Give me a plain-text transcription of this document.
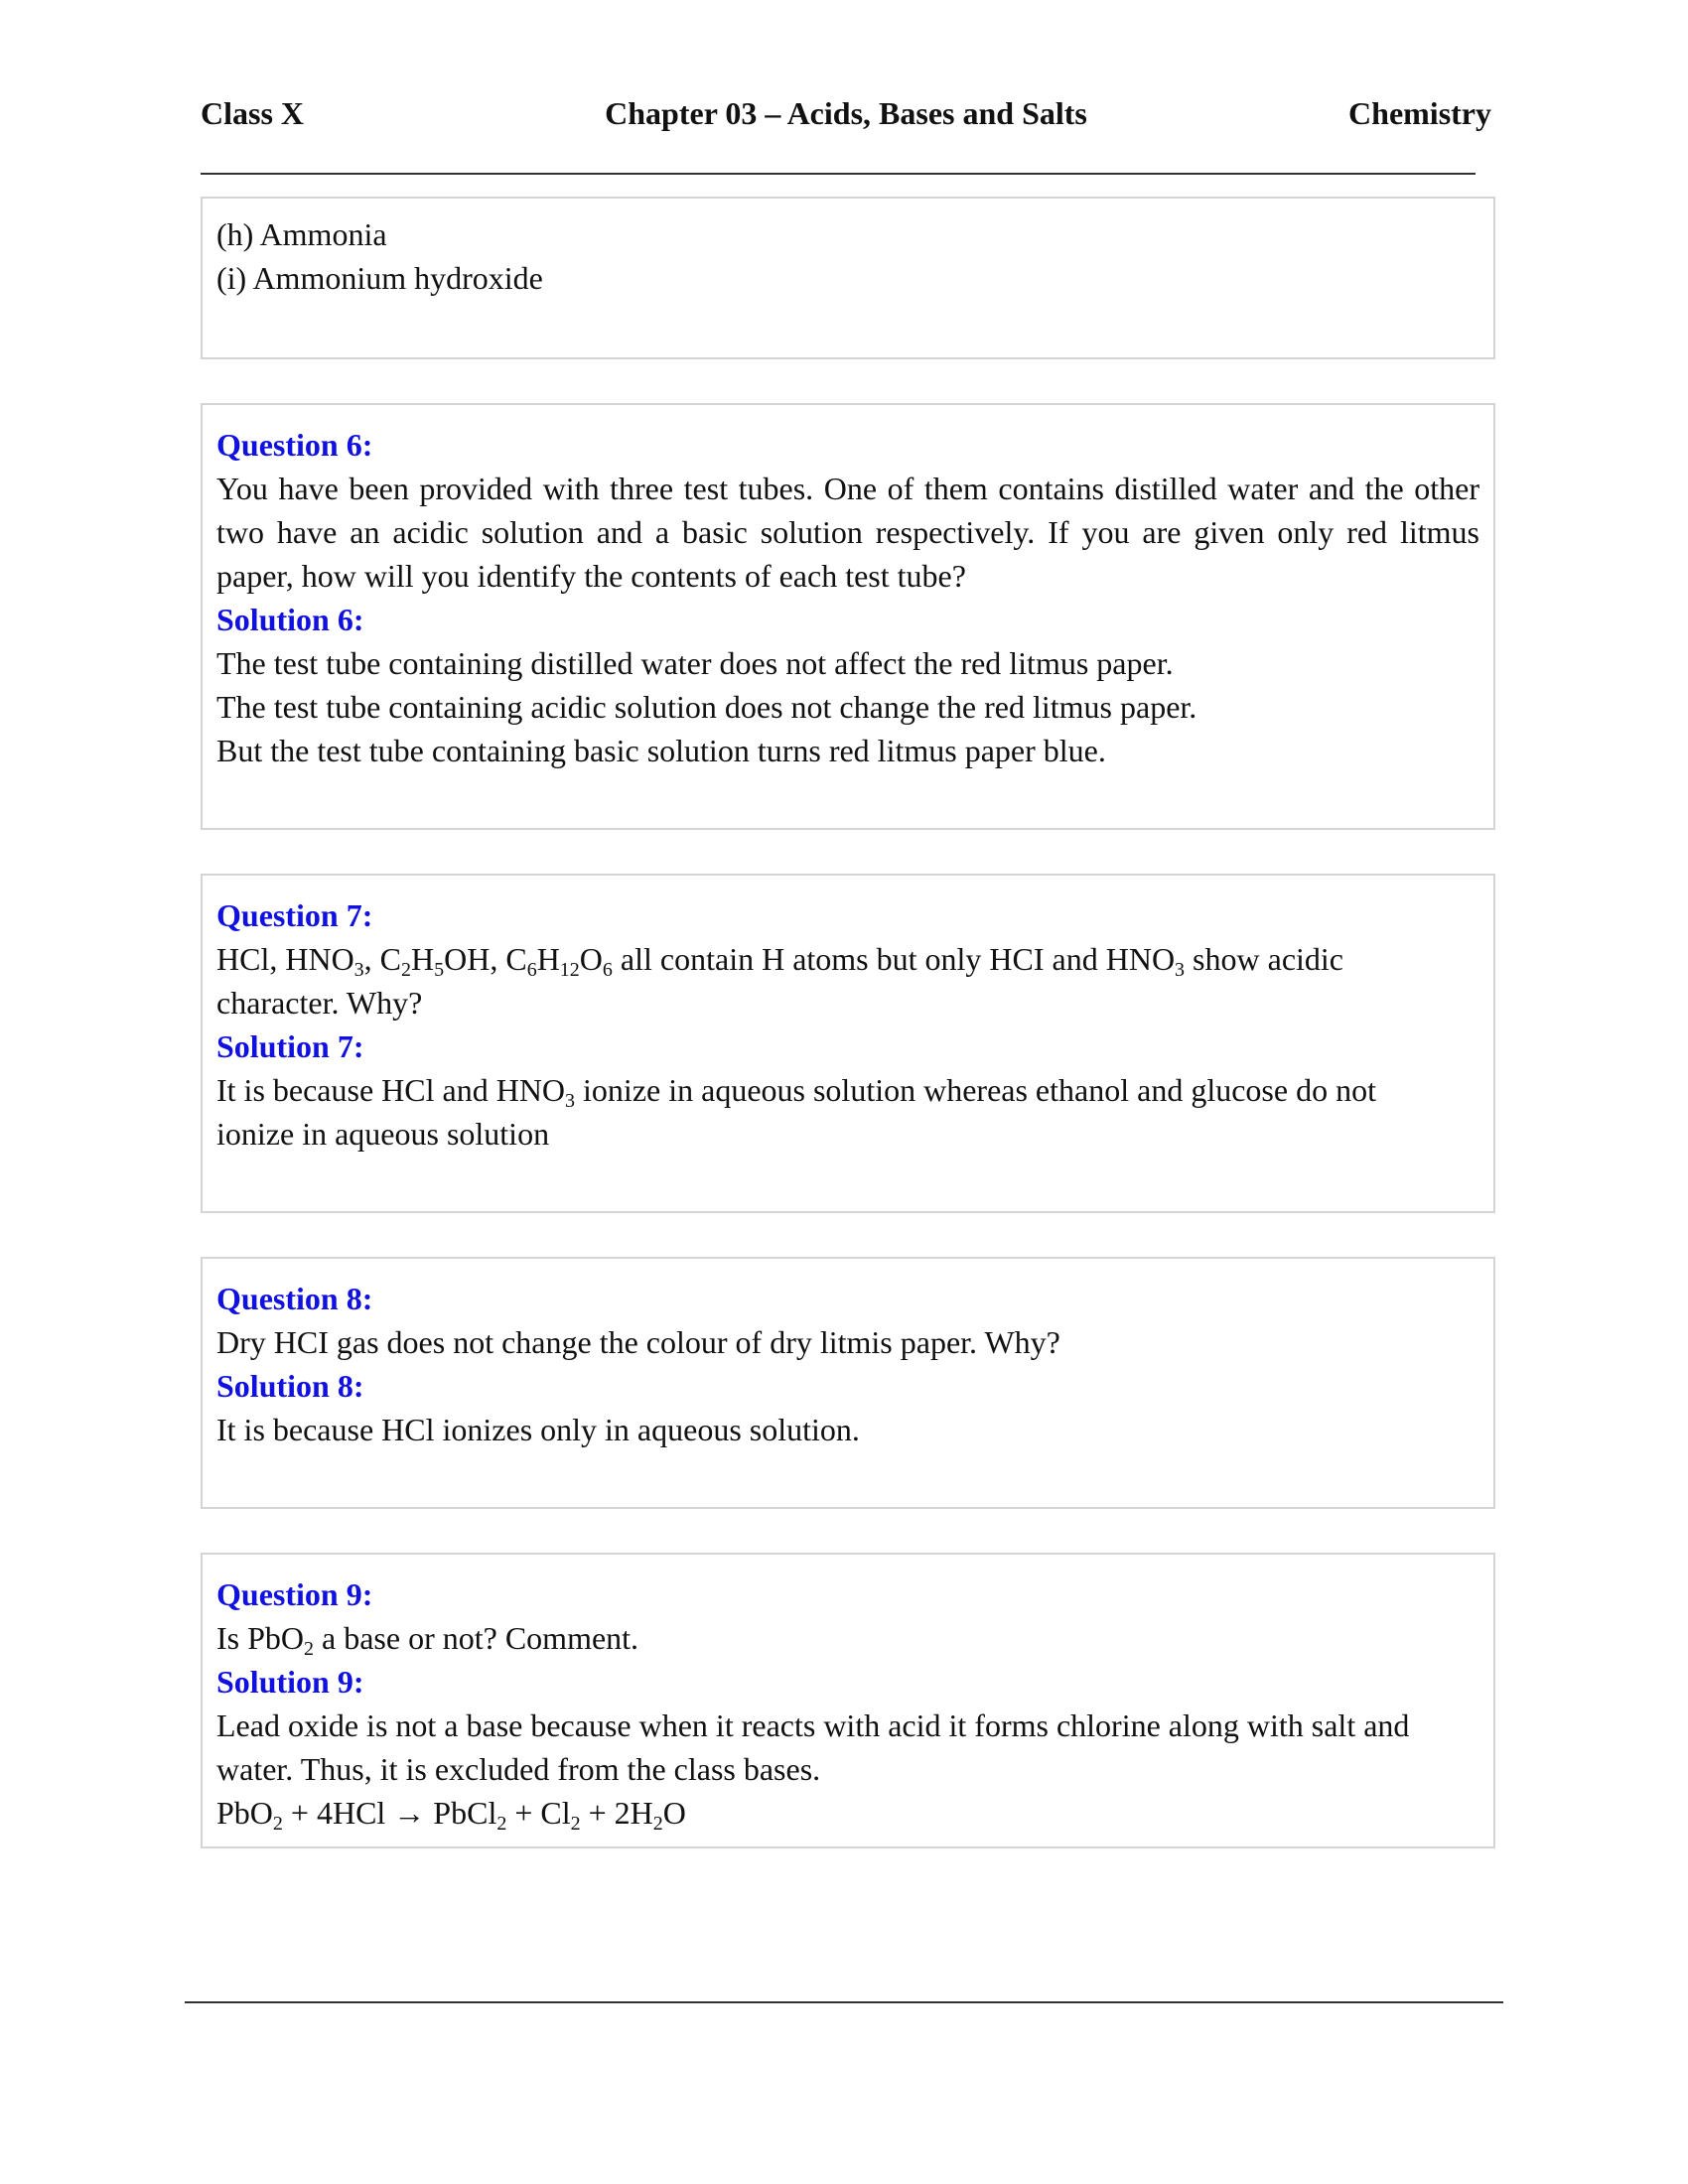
Class X	Chapter 03 – Acids, Bases and Salts	Chemistry

(h) Ammonia

(i) Ammonium hydroxide

Question 6:

You have been provided with three test tubes. One of them contains distilled water and the other two have an acidic solution and a basic solution respectively. If you are given only red litmus paper, how will you identify the contents of each test tube?

Solution 6:

The test tube containing distilled water does not affect the red litmus paper.

The test tube containing acidic solution does not change the red litmus paper.

But the test tube containing basic solution turns red litmus paper blue.

Question 7:

HCl, $HNO_3$, $C_2H_5OH$, $C_6H_{12}O_6$ all contain H atoms but only HCI and $HNO_3$ show acidic character. Why?

Solution 7:

It is because HCl and $HNO_3$ ionize in aqueous solution whereas ethanol and glucose do not ionize in aqueous solution

Question 8:

Dry HCI gas does not change the colour of dry litmis paper. Why?

Solution 8:

It is because HCl ionizes only in aqueous solution.

Question 9:

Is PbO$_2$ a base or not? Comment.

Solution 9:

Lead oxide is not a base because when it reacts with acid it forms chlorine along with salt and water. Thus, it is excluded from the class bases.

PbO$_2$ + 4HCl → PbCl$_2$ + $Cl_2 + 2H_2O$
